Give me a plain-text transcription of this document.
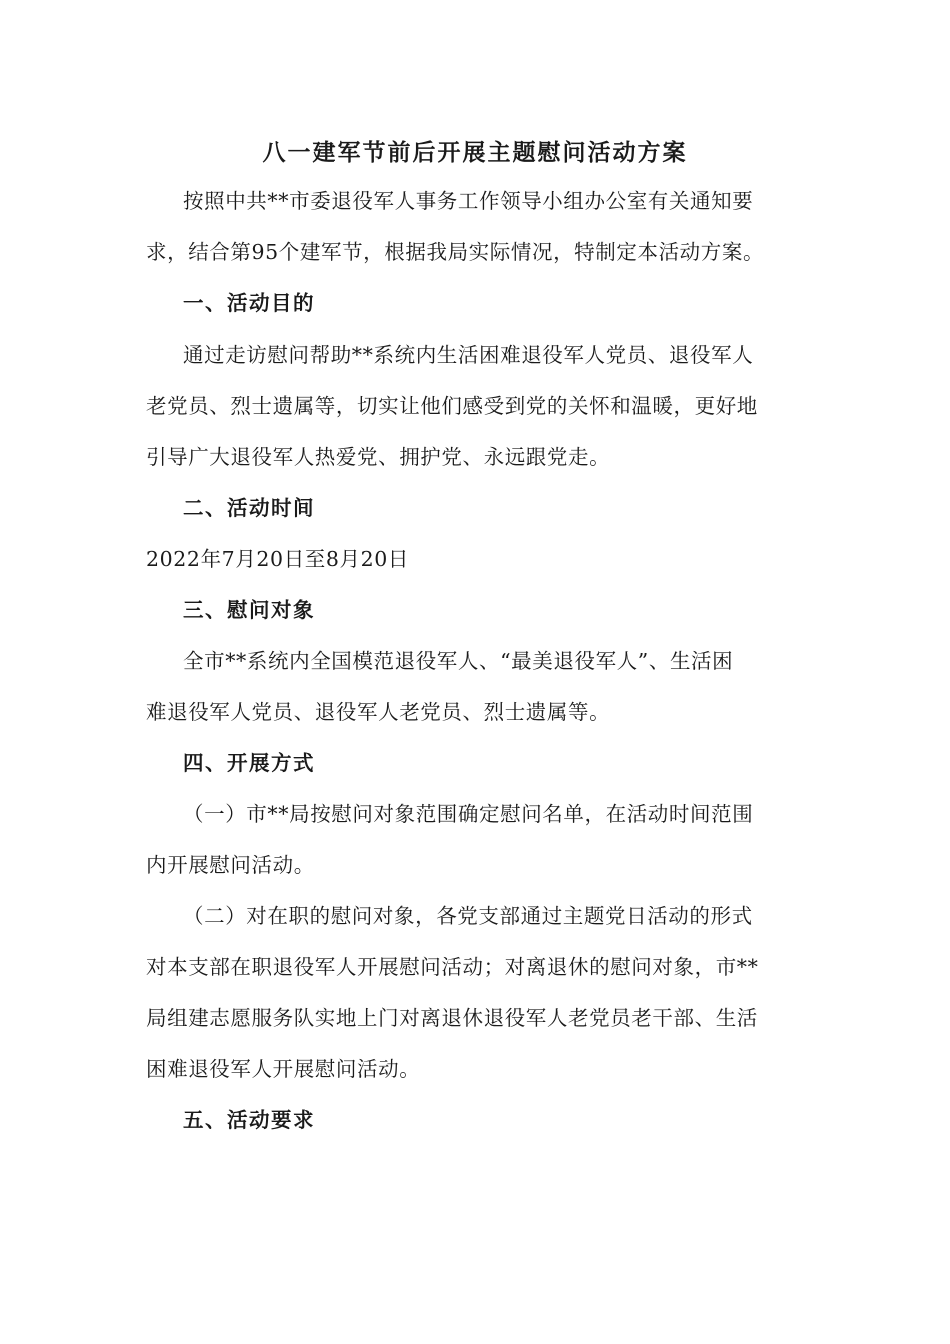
八一建军节前后开展主题慰问活动方案
按照中共**市委退役军人事务工作领导小组办公室有关通知要
求，结合第95个建军节，根据我局实际情况，特制定本活动方案。
一、活动目的
通过走访慰问帮助**系统内生活困难退役军人党员、退役军人
老党员、烈士遗属等，切实让他们感受到党的关怀和温暖，更好地
引导广大退役军人热爱党、拥护党、永远跟党走。
二、活动时间
2022年7月20日至8月20日
三、慰问对象
全市**系统内全国模范退役军人、“最美退役军人”、生活困
难退役军人党员、退役军人老党员、烈士遗属等。
四、开展方式
（一）市**局按慰问对象范围确定慰问名单，在活动时间范围
内开展慰问活动。
（二）对在职的慰问对象，各党支部通过主题党日活动的形式
对本支部在职退役军人开展慰问活动；对离退休的慰问对象，市**
局组建志愿服务队实地上门对离退休退役军人老党员老干部、生活
困难退役军人开展慰问活动。
五、活动要求
